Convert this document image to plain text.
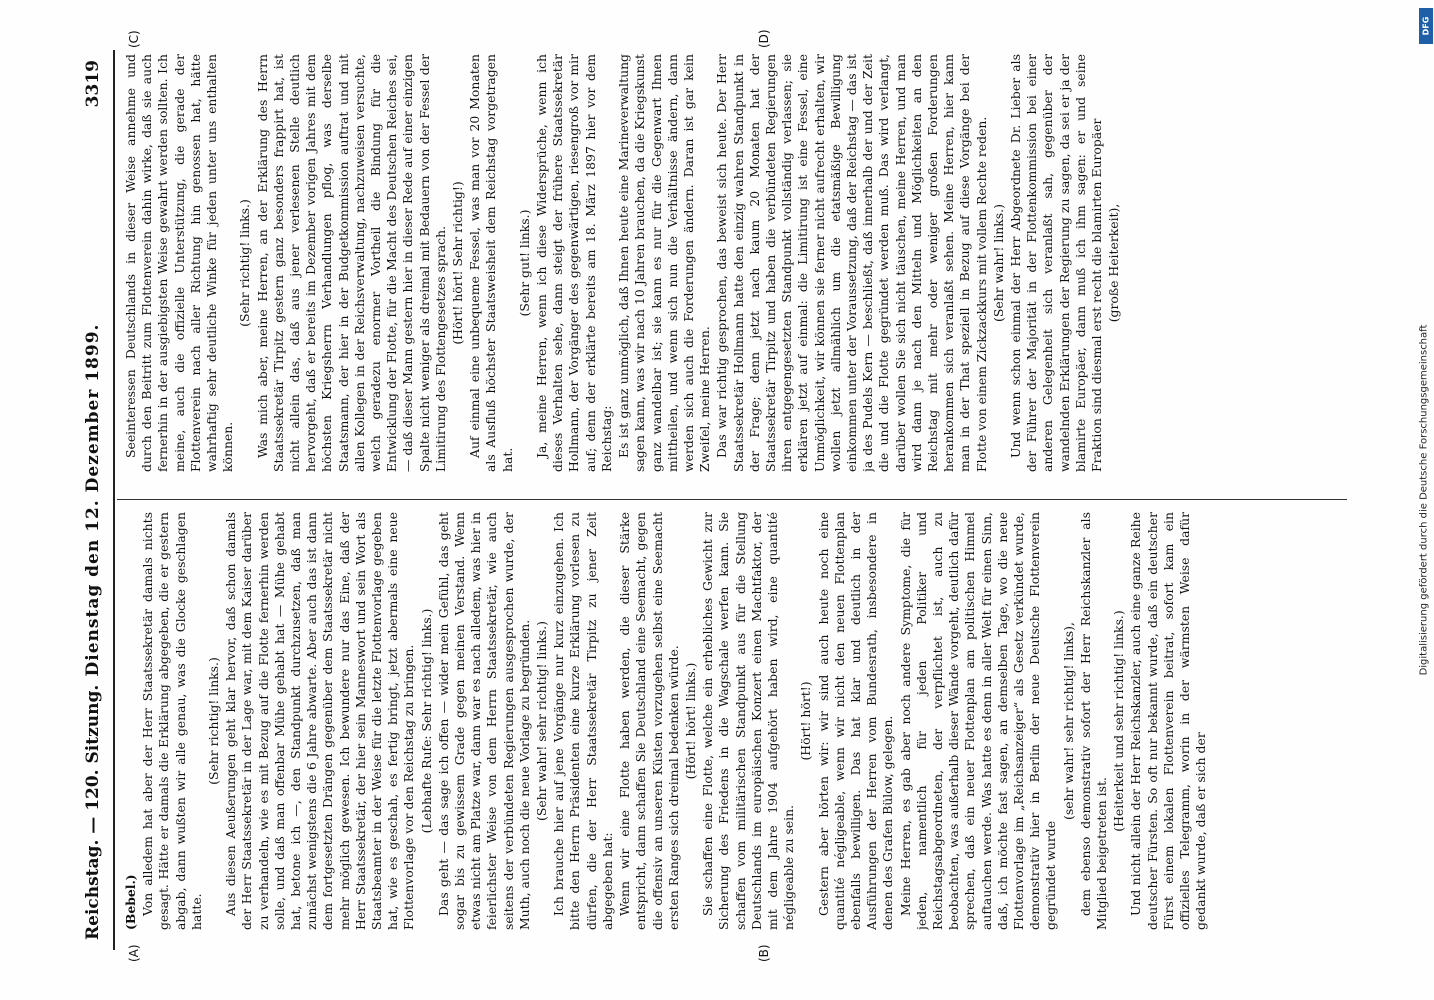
Reichstag. — 120. Sitzung.
Dienstag den 12. Dezember 1899.
3319
(A)	(B)
(C)	(D)

(Bebel.) Von alledem hat aber der Herr Staatssekretär damals nichts gesagt. Hätte er damals die Erklärung abgegeben, die er gestern abgab, dann wußten wir alle genau, was die Glocke geschlagen hatte.

(Sehr richtig! links.) Aus diesen Aeußerungen geht klar hervor, daß schon damals der Herr Staatssekretär in der Lage war, mit dem Kaiser darüber zu verhandeln, wie es mit Bezug auf die Flotte fernerhin werden solle, und daß man offenbar Mühe gehabt hat — Mühe gehabt hat, betone ich —, den Standpunkt durchzusetzen, daß man zunächst wenigstens die 6 Jahre abwarte. Aber auch das ist dann dem fortgesetzten Drängen gegenüber dem Staatssekretär nicht mehr möglich gewesen. Ich bewundere nur das Eine, daß der Herr Staatssekretär, der hier sein Manneswort und sein Wort als Staatsbeamter in der Weise für die letzte Flottenvorlage gegeben hat, wie es geschah, es fertig bringt, jetzt abermals eine neue Flottenvorlage vor den Reichstag zu bringen. (Lebhafte Rufe: Sehr richtig! links.) Das geht — das sage ich offen — wider mein Gefühl, das geht sogar bis zu gewissem Grade gegen meinen Verstand. Wenn etwas nicht am Platze war, dann war es nach alledem, was hier in feierlichster Weise von dem Herrn Staatssekretär, wie auch seitens der verbündeten Regierungen ausgesprochen wurde, der Muth, auch noch die neue Vorlage zu begründen. (Sehr wahr! sehr richtig! links.) Ich brauche hier auf jene Vorgänge nur kurz einzugehen. Ich bitte den Herrn Präsidenten eine kurze Erklärung vorlesen zu dürfen, die der Herr Staatssekretär Tirpitz zu jener Zeit abgegeben hat: Wenn wir eine Flotte haben werden, die dieser Stärke entspricht, dann schaffen Sie Deutschland eine Seemacht, gegen die offensiv an unseren Küsten vorzugehen selbst eine Seemacht ersten Ranges sich dreimal bedenken würde. (Hört! hört! links.) Sie schaffen eine Flotte, welche ein erhebliches Gewicht zur Sicherung des Friedens in die Wagschale werfen kann. Sie schaffen vom militärischen Standpunkt aus für die Stellung Deutschlands im europäischen Konzert einen Machtfaktor, der mit dem Jahre 1904 aufgehört haben wird, eine quantité négligeable zu sein.

(Hört! hört!) Gestern aber hörten wir: wir sind auch heute noch eine quantité négligeable, wenn wir nicht den neuen Flottenplan ebenfalls bewilligen. Das hat klar und deutlich in der Ausführungen der Herren vom Bundesrath, insbesondere in denen des Grafen Bülow, gelegen. Meine Herren, es gab aber noch andere Symptome, die für jeden, namentlich für jeden Politiker und Reichstagsabgeordneten, der verpflichtet ist, auch zu beobachten, was außerhalb dieser Wände vorgeht, deutlich dafür sprechen, daß ein neuer Flottenplan am politischen Himmel auftauchen werde. Was hatte es denn in aller Welt für einen Sinn, daß, ich möchte fast sagen, an demselben Tage, wo die neue Flottenvorlage im „Reichsanzeiger“ als Gesetz verkündet wurde, demonstrativ hier in Berlin der neue Deutsche Flottenverein gegründet wurde

(sehr wahr! sehr richtig! links), dem ebenso demonstrativ sofort der Herr Reichskanzler als Mitglied beigetreten ist.

(Heiterkeit und sehr richtig! links.) Und nicht allein der Herr Reichskanzler, auch eine ganze Reihe deutscher Fürsten. So oft nur bekannt wurde, daß ein deutscher Fürst einem lokalen Flottenverein beitrat, sofort kam ein offizielles Telegramm, worin in der wärmsten Weise dafür gedankt wurde, daß er sich der

Seeinteressen Deutschlands in dieser Weise annehme und durch den Beitritt zum Flottenverein dahin wirke, daß sie auch fernerhin in der ausgiebigsten Weise gewahrt werden sollten. Ich meine, auch die offizielle Unterstützung, die gerade der Flottenverein nach aller Richtung hin genossen hat, hätte wahrhaftig sehr deutliche Winke für jeden unter uns enthalten können.

(Sehr richtig! links.) Was mich aber, meine Herren, an der Erklärung des Herrn Staatssekretär Tirpitz gestern ganz besonders frappirt hat, ist nicht allein das, daß aus jener verlesenen Stelle deutlich hervorgeht, daß er bereits im Dezember vorigen Jahres mit dem höchsten Kriegsherrn Verhandlungen pflog, was derselbe Staatsmann, der hier in der Budgetkommission auftrat und mit allen Kollegen in der Reichsverwaltung, nachzuweisen versuchte, welch geradezu enormer Vortheil die Bindung für die Entwicklung der Flotte, für die Macht des Deutschen Reiches sei, — daß dieser Mann gestern hier in dieser Rede auf einer einzigen Spalte nicht weniger als dreimal mit Bedauern von der Fessel der Limitirung des Flottengesetzes sprach. (Hört! hört! Sehr richtig!) Auf einmal eine unbequeme Fessel, was man vor 20 Monaten als Ausfluß höchster Staatsweisheit dem Reichstag vorgetragen hat.

(Sehr gut! links.) Ja, meine Herren, wenn ich diese Widersprüche, wenn ich dieses Verhalten sehe, dann steigt der frühere Staatssekretär Hollmann, der Vorgänger des gegenwärtigen, riesengroß vor mir auf; denn der erklärte bereits am 18. März 1897 hier vor dem Reichstag: Es ist ganz unmöglich, daß Ihnen heute eine Marineverwaltung sagen kann, was wir nach 10 Jahren brauchen, da die Kriegskunst ganz wandelbar ist; sie kann es nur für die Gegenwart Ihnen mittheilen, und wenn sich nun die Verhältnisse ändern, dann werden sich auch die Forderungen ändern. Daran ist gar kein Zweifel, meine Herren. Das war richtig gesprochen, das beweist sich heute. Der Herr Staatssekretär Hollmann hatte den einzig wahren Standpunkt in der Frage; denn jetzt nach kaum 20 Monaten hat der Staatssekretär Tirpitz und haben die verbündeten Regierungen ihren entgegengesetzten Standpunkt vollständig verlassen; sie erklären jetzt auf einmal: die Limitirung ist eine Fessel, eine Unmöglichkeit, wir können sie ferner nicht aufrecht erhalten, wir wollen jetzt allmählich um die etatsmäßige Bewilligung einkommen unter der Voraussetzung, daß der Reichstag — das ist ja des Pudels Kern — beschließt, daß innerhalb der und der Zeit die und die Flotte gegründet werden muß. Das wird verlangt, darüber wollen Sie sich nicht täuschen, meine Herren, und man wird dann je nach den Mitteln und Möglichkeiten an den Reichstag mit mehr oder weniger großen Forderungen herankommen sich veranlaßt sehen. Meine Herren, hier kann man in der That speziell in Bezug auf diese Vorgänge bei der Flotte von einem Zickzackkurs mit vollem Rechte reden. (Sehr wahr! links.) Und wenn schon einmal der Herr Abgeordnete Dr. Lieber als der Führer der Majorität in der Flottenkommission bei einer anderen Gelegenheit sich veranlaßt sah, gegenüber der wandelnden Erklärungen der Regierung zu sagen, da sei er ja der blamirte Europäer, dann muß ich ihm sagen: er und seine Fraktion sind diesmal erst recht die blamirten Europäer (große Heiterkeit),

DFG
Digitalisierung gefördert durch die Deutsche Forschungsgemeinschaft
